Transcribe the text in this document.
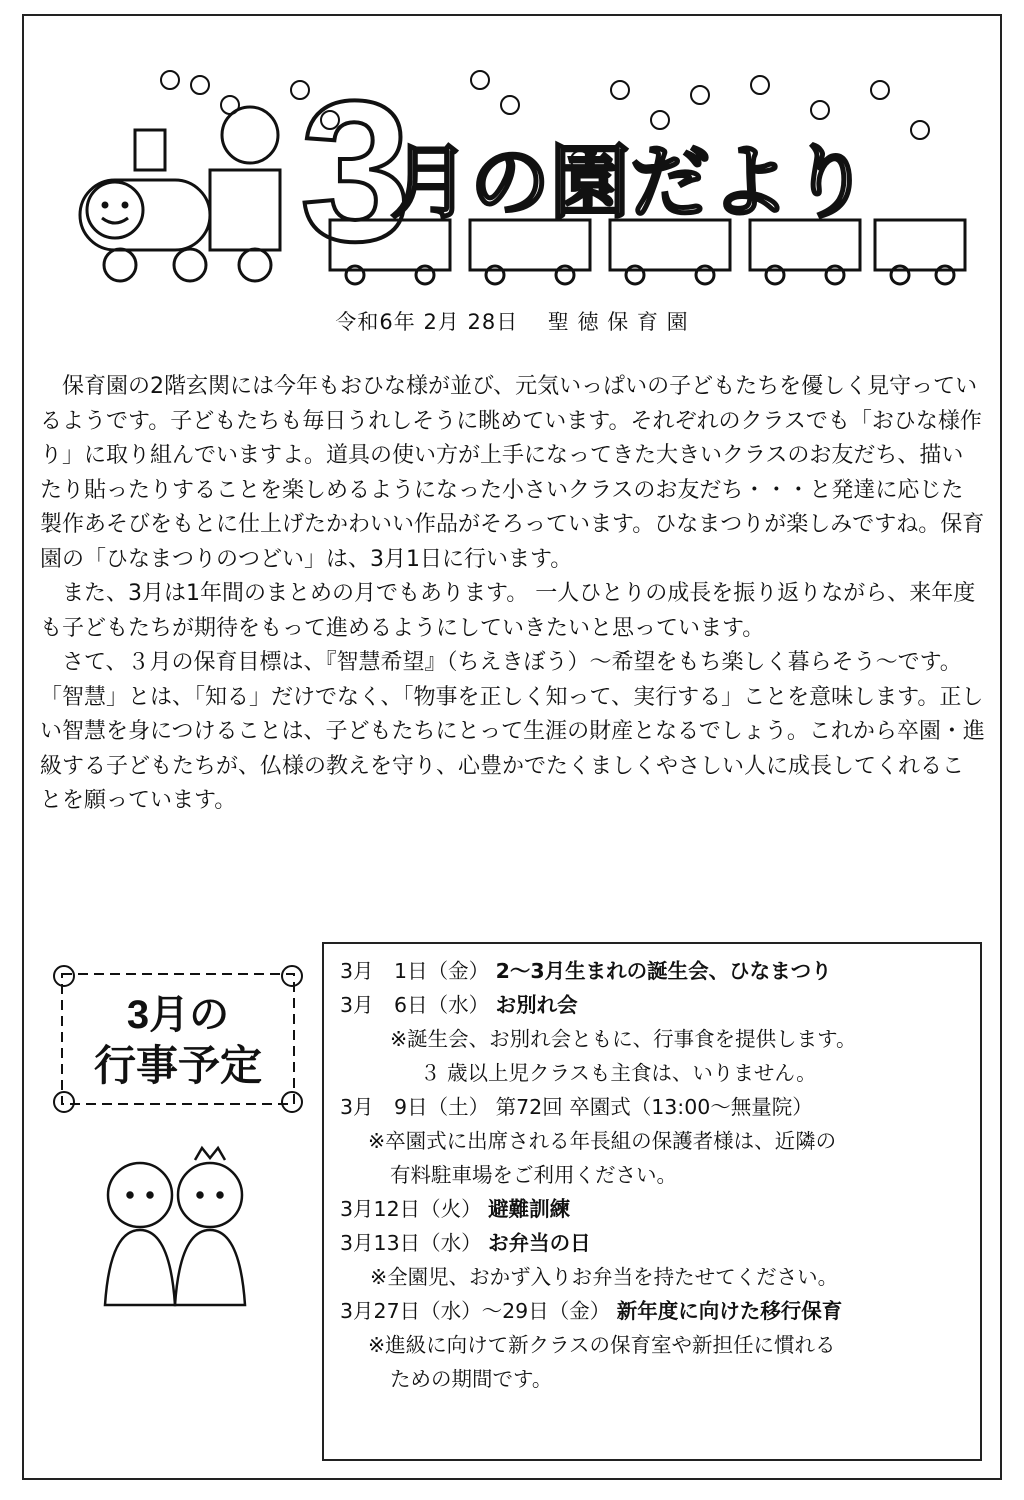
3
月の園だより
令和6年 2月 28日　 聖 徳 保 育 園

保育園の2階玄関には今年もおひな様が並び、元気いっぱいの子どもたちを優しく見守っているようです。子どもたちも毎日うれしそうに眺めています。それぞれのクラスでも「おひな様作り」に取り組んでいますよ。道具の使い方が上手になってきた大きいクラスのお友だち、描いたり貼ったりすることを楽しめるようになった小さいクラスのお友だち・・・と発達に応じた製作あそびをもとに仕上げたかわいい作品がそろっています。ひなまつりが楽しみですね。保育園の「ひなまつりのつどい」は、3月1日に行います。

また、3月は1年間のまとめの月でもあります。 一人ひとりの成長を振り返りながら、来年度も子どもたちが期待をもって進めるようにしていきたいと思っています。

さて、３月の保育目標は、『智慧希望』（ちえきぼう）～希望をもち楽しく暮らそう～です。「智慧」とは、「知る」だけでなく、「物事を正しく知って、実行する」ことを意味します。正しい智慧を身につけることは、子どもたちにとって生涯の財産となるでしょう。これから卒園・進級する子どもたちが、仏様の教えを守り、心豊かでたくましくやさしい人に成長してくれることを願っています。

3月の
行事予定
3月　1日（金） 2～3月生まれの誕生会、ひなまつり
3月　6日（水） お別れ会
※誕生会、お別れ会ともに、行事食を提供します。
３ 歳以上児クラスも主食は、いりません。
3月　9日（土） 第72回 卒園式（13:00～無量院）
※卒園式に出席される年長組の保護者様は、近隣の
有料駐車場をご利用ください。
3月12日（火） 避難訓練
3月13日（水） お弁当の日
※全園児、おかず入りお弁当を持たせてください。
3月27日（水）～29日（金） 新年度に向けた移行保育
※進級に向けて新クラスの保育室や新担任に慣れる
ための期間です。
